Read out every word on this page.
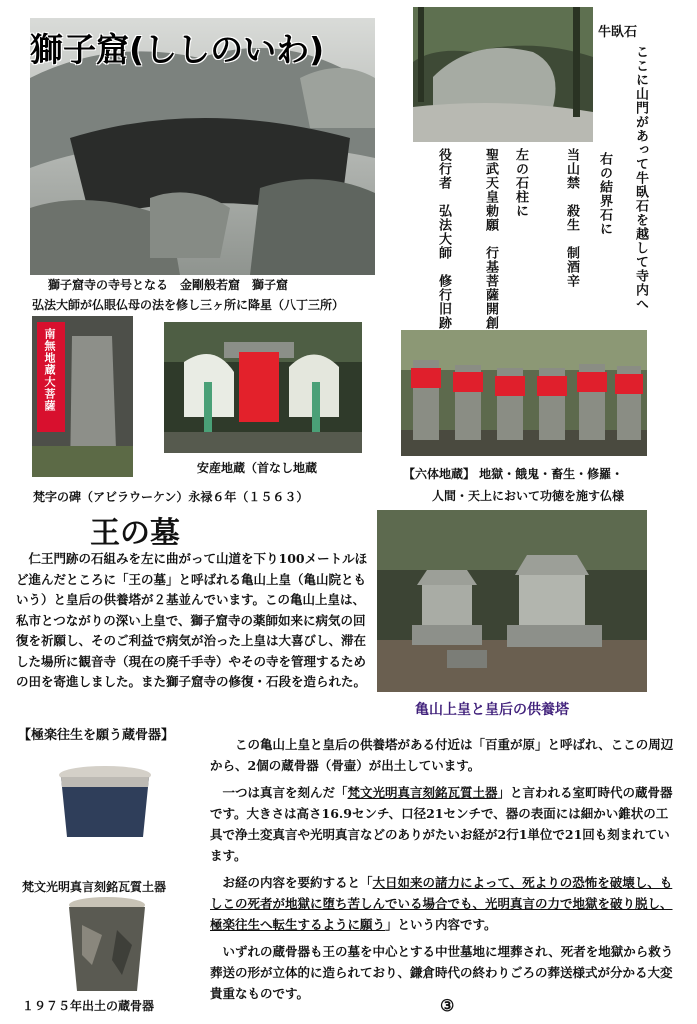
獅子窟(ししのいわ)
獅子窟寺の寺号となる　金剛般若窟　獅子窟
弘法大師が仏眼仏母の法を修し三ヶ所に降星（八丁三所）
牛臥石
ここに山門があって牛臥石を越して寺内へ
右の結界石に
当山禁　殺生　制酒辛
左の石柱に
聖武天皇勅願　行基菩薩開創
役行者　弘法大師　修行旧跡
南無地蔵大菩薩
梵字の碑（アビラウーケン）永禄６年（１５６３）
安産地蔵（首なし地蔵	【六体地蔵】 地獄・餓鬼・畜生・修羅・
人間・天上において功徳を施す仏様
王の墓
仁王門跡の石組みを左に曲がって山道を下り100メートルほど進んだところに「王の墓」と呼ばれる亀山上皇（亀山院ともいう）と皇后の供養塔が２基並んでいます。この亀山上皇は、私市とつながりの深い上皇で、獅子窟寺の薬師如来に病気の回復を祈願し、そのご利益で病気が治った上皇は大喜びし、滞在した場所に観音寺（現在の廃千手寺）やその寺を管理するための田を寄進しました。また獅子窟寺の修復・石段を造られた。
亀山上皇と皇后の供養塔
【極楽往生を願う蔵骨器】
梵文光明真言刻銘瓦質土器
１９７５年出土の蔵骨器

この亀山上皇と皇后の供養塔がある付近は「百重が原」と呼ばれ、ここの周辺から、2個の蔵骨器（骨壷）が出土しています。

一つは真言を刻んだ「梵文光明真言刻銘瓦質土器」と言われる室町時代の蔵骨器です。大きさは高さ16.9センチ、口径21センチで、器の表面には細かい錐状の工具で浄土変真言や光明真言などのありがたいお経が2行1単位で21回も刻まれています。

お経の内容を要約すると「大日如来の諸力によって、死よりの恐怖を破壊し、もしこの死者が地獄に堕ち苦しんでいる場合でも、光明真言の力で地獄を破り脱し、極楽往生へ転生するように願う」という内容です。

いずれの蔵骨器も王の墓を中心とする中世墓地に埋葬され、死者を地獄から救う葬送の形が立体的に造られており、鎌倉時代の終わりごろの葬送様式が分かる大変貴重なものです。

③
